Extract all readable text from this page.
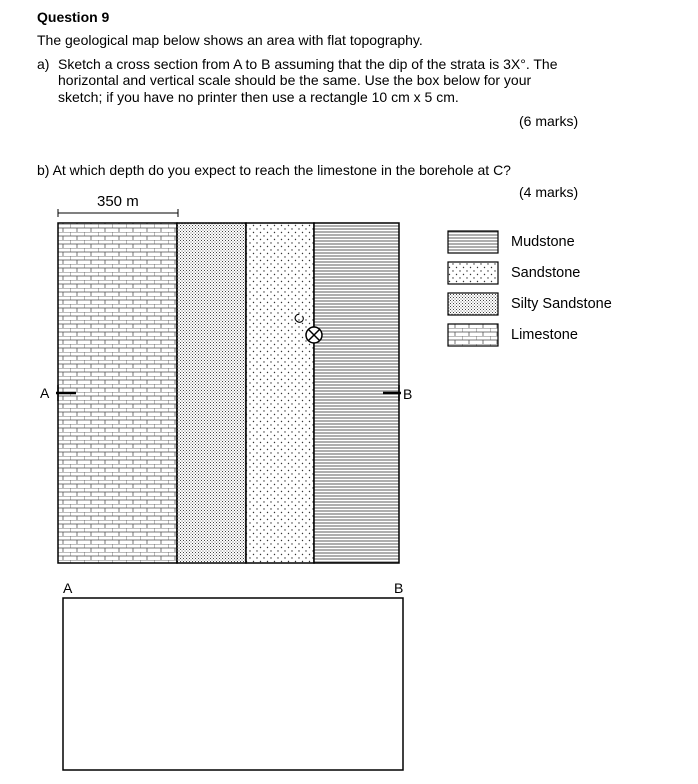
Question 9
The geological map below shows an area with flat topography.
a) Sketch a cross section from A to B assuming that the dip of the strata is 3X°. The
horizontal and vertical scale should be the same. Use the box below for your
sketch; if you have no printer then use a rectangle 10 cm x 5 cm.
(6 marks)
b) At which depth do you expect to reach the limestone in the borehole at C?
(4 marks)
350 m
Mudstone
Sandstone
Silty Sandstone
Limestone
A	B
A	B
C
